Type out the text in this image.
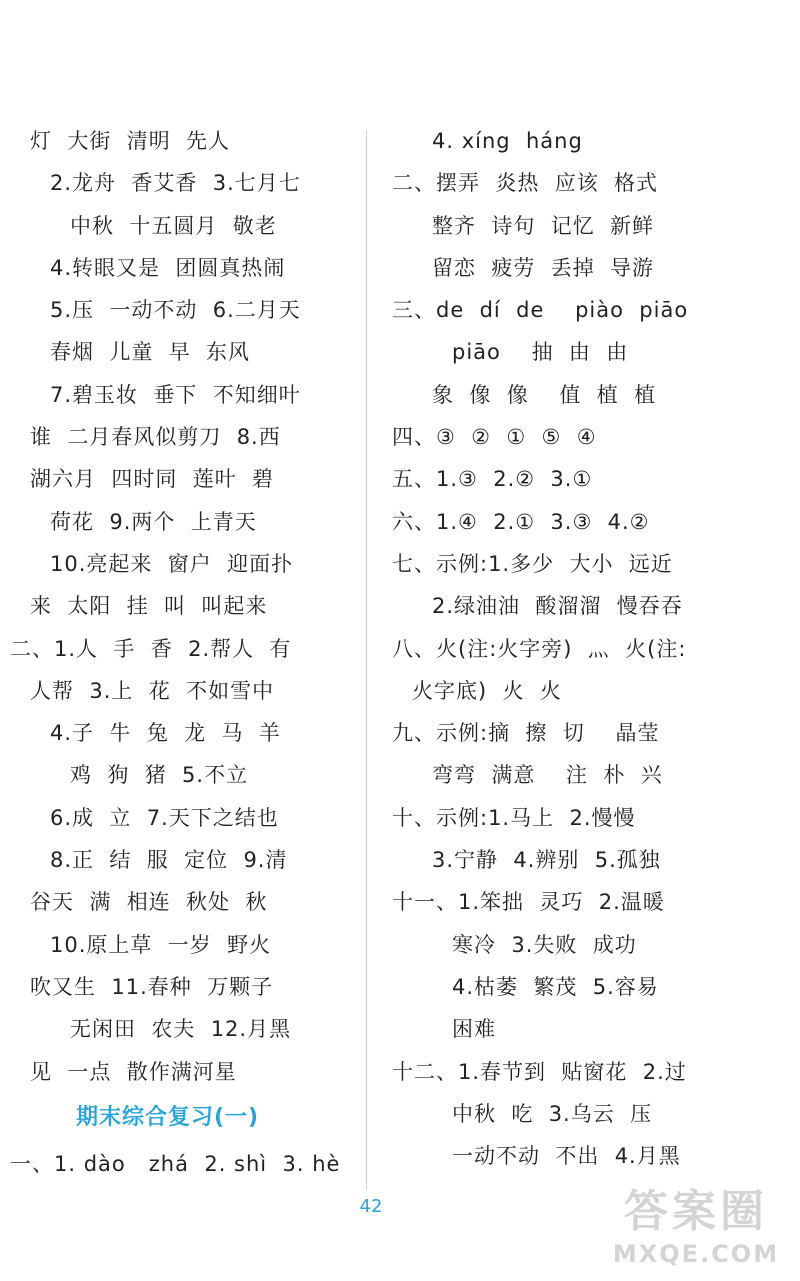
灯  大街  清明  先人
2.龙舟  香艾香  3.七月七
中秋  十五圆月  敬老
4.转眼又是  团圆真热闹
5.压  一动不动  6.二月天
春烟  儿童  早  东风
7.碧玉妆  垂下  不知细叶
谁  二月春风似剪刀  8.西
湖六月  四时同  莲叶  碧
荷花  9.两个  上青天
10.亮起来  窗户  迎面扑
来  太阳  挂  叫  叫起来
二、1.人  手  香  2.帮人  有
人帮  3.上  花  不如雪中
4.子  牛  兔  龙  马  羊
鸡  狗  猪  5.不立
6.成  立  7.天下之结也
8.正  结  服  定位  9.清
谷天  满  相连  秋处  秋
10.原上草  一岁  野火
吹又生  11.春种  万颗子
无闲田  农夫  12.月黑
见  一点  散作满河星
期末综合复习(一)
一、1. dào   zhá  2. shì  3. hè
4. xíng  háng
二、摆弄  炎热  应该  格式
整齐  诗句  记忆  新鲜
留恋  疲劳  丢掉  导游
三、de  dí  de    piào  piāo
piāo    抽  由  由
象  像  像    值  植  植
四、③  ②  ①  ⑤  ④
五、1.③  2.②  3.①
六、1.④  2.①  3.③  4.②
七、示例:1.多少  大小  远近
2.绿油油  酸溜溜  慢吞吞
八、火(注:火字旁)  灬  火(注:
火字底)  火  火
九、示例:摘  擦  切    晶莹
弯弯  满意    注  朴  兴
十、示例:1.马上  2.慢慢
3.宁静  4.辨别  5.孤独
十一、1.笨拙  灵巧  2.温暖
寒冷  3.失败  成功
4.枯萎  繁茂  5.容易
困难
十二、1.春节到  贴窗花  2.过
中秋  吃  3.乌云  压
一动不动  不出  4.月黑
42	答案圈
MXQE.COM
